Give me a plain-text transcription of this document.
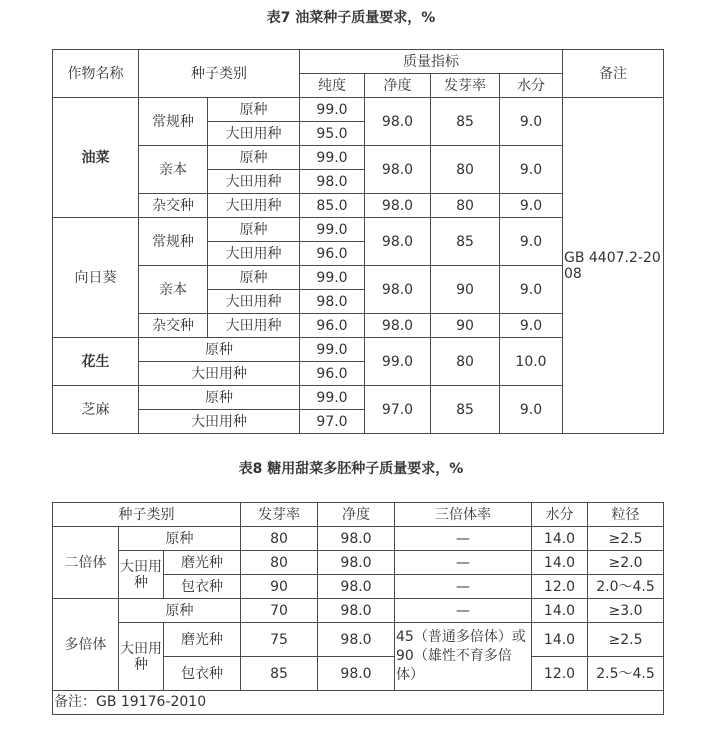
表7 油菜种子质量要求，%
作物名称	种子类别		质量指标				备注
			纯度	净度	发芽率	水分	
油菜	常规种	原种	99.0	98.0	85	9.0	GB 4407.2-2008
		大田用种	95.0				
	亲本	原种	99.0	98.0	80	9.0	
		大田用种	98.0				
	杂交种	大田用种	85.0	98.0	80	9.0	
向日葵	常规种	原种	99.0	98.0	85	9.0	
		大田用种	96.0				
	亲本	原种	99.0	98.0	90	9.0	
		大田用种	98.0				
	杂交种	大田用种	96.0	98.0	90	9.0	
花生	原种		99.0	99.0	80	10.0	
	大田用种		96.0				
芝麻	原种		99.0	97.0	85	9.0	
	大田用种		97.0				
表8 糖用甜菜多胚种子质量要求，%
种子类别			发芽率	净度	三倍体率	水分	粒径
二倍体	原种		80	98.0	—	14.0	≥2.5
	大田用种	磨光种	80	98.0	—	14.0	≥2.0
		包衣种	90	98.0	—	12.0	2.0～4.5
多倍体	原种		70	98.0	—	14.0	≥3.0
	大田用种	磨光种	75	98.0	45（普通多倍体）或90（雄性不育多倍体）	14.0	≥2.5
		包衣种	85	98.0		12.0	2.5～4.5
备注：GB 19176-2010							
